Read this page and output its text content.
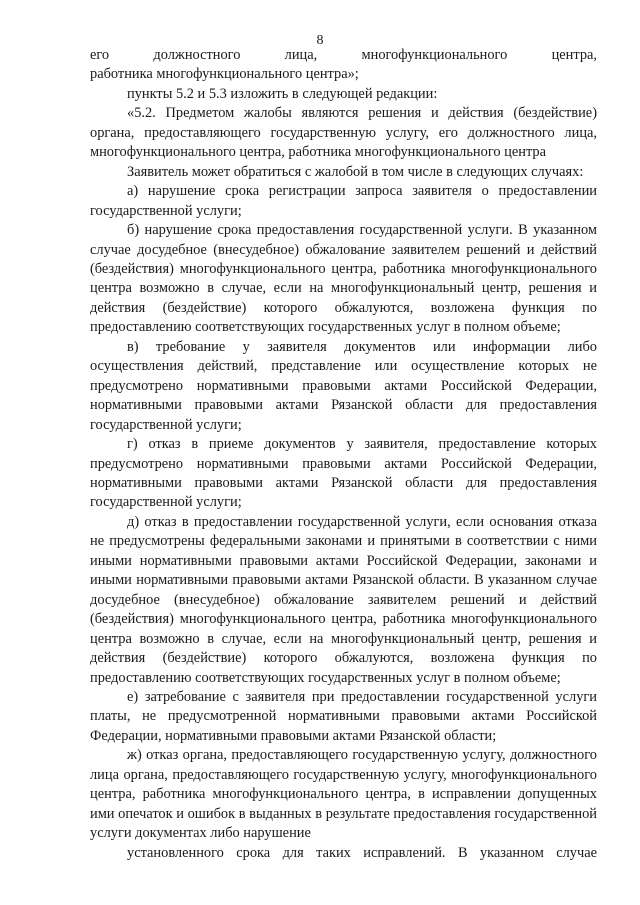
8

его должностного лица, многофункционального центра,
работника многофункционального центра»;

пункты 5.2 и 5.3 изложить в следующей редакции:

«5.2. Предметом жалобы являются решения и действия (бездействие) органа, предоставляющего государственную услугу, его должностного лица, многофункционального центра, работника многофункционального центра

Заявитель может обратиться с жалобой в том числе в следующих случаях:

а) нарушение срока регистрации запроса заявителя о предоставлении государственной услуги;

б) нарушение срока предоставления государственной услуги. В указанном случае досудебное (внесудебное) обжалование заявителем решений и действий (бездействия) многофункционального центра, работника многофункционального центра возможно в случае, если на многофункциональный центр, решения и действия (бездействие) которого обжалуются, возложена функция по предоставлению соответствующих государственных услуг в полном объеме;

в) требование у заявителя документов или информации либо осуществления действий, представление или осуществление которых не предусмотрено нормативными правовыми актами Российской Федерации, нормативными правовыми актами Рязанской области для предоставления государственной услуги;

г) отказ в приеме документов у заявителя, предоставление которых предусмотрено нормативными правовыми актами Российской Федерации, нормативными правовыми актами Рязанской области для предоставления государственной услуги;

д) отказ в предоставлении государственной услуги, если основания отказа не предусмотрены федеральными законами и принятыми в соответствии с ними иными нормативными правовыми актами Российской Федерации, законами и иными нормативными правовыми актами Рязанской области. В указанном случае досудебное (внесудебное) обжалование заявителем решений и действий (бездействия) многофункционального центра, работника многофункционального центра возможно в случае, если на многофункциональный центр, решения и действия (бездействие) которого обжалуются, возложена функция по предоставлению соответствующих государственных услуг в полном объеме;

е) затребование с заявителя при предоставлении государственной услуги платы, не предусмотренной нормативными правовыми актами Российской Федерации, нормативными правовыми актами Рязанской области;

ж) отказ органа, предоставляющего государственную услугу, должностного лица органа, предоставляющего государственную услугу, многофункционального центра, работника многофункционального центра, в исправлении допущенных ими опечаток и ошибок в выданных в результате предоставления государственной услуги документах либо нарушение
установленного срока для таких исправлений. В указанном случае
